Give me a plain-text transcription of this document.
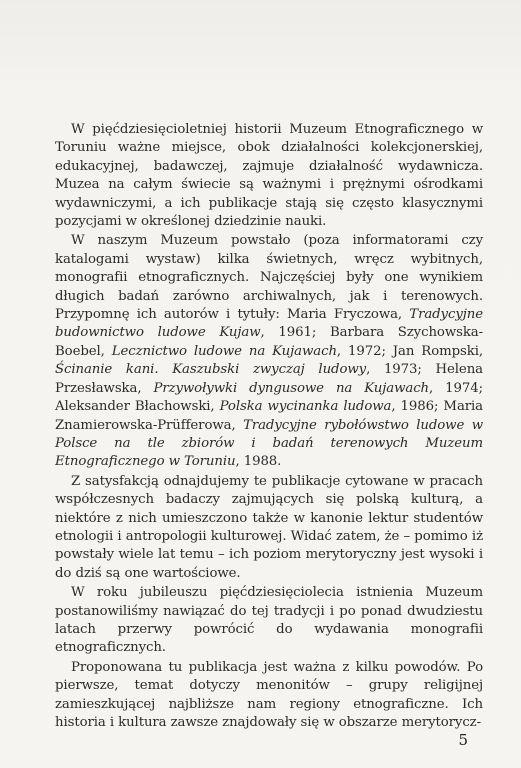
W pięćdziesięcioletniej historii Muzeum Etnograficznego w Toruniu ważne miejsce, obok działalności kolekcjonerskiej, edukacyjnej, badawczej, zajmuje działalność wydawnicza. Muzea na całym świecie są ważnymi i prężnymi ośrodkami wydawniczymi, a ich publikacje stają się często klasycznymi pozycjami w określonej dziedzinie nauki.

W naszym Muzeum powstało (poza informatorami czy katalogami wystaw) kilka świetnych, wręcz wybitnych, monografii etnograficznych. Najczęściej były one wynikiem długich badań zarówno archiwalnych, jak i terenowych. Przypomnę ich autorów i tytuły: Maria Fryczowa, Tradycyjne budownictwo ludowe Kujaw, 1961; Barbara Szychowska-Boebel, Lecznictwo ludowe na Kujawach, 1972; Jan Rompski, Ścinanie kani. Kaszubski zwyczaj ludowy, 1973; Helena Przesławska, Przywoływki dyngusowe na Kujawach, 1974; Aleksander Błachowski, Polska wycinanka ludowa, 1986; Maria Znamierowska-Prüfferowa, Tradycyjne rybołówstwo ludowe w Polsce na tle zbiorów i badań terenowych Muzeum Etnograficznego w Toruniu, 1988.

Z satysfakcją odnajdujemy te publikacje cytowane w pracach współczesnych badaczy zajmujących się polską kulturą, a niektóre z nich umieszczono także w kanonie lektur studentów etnologii i antropologii kulturowej. Widać zatem, że – pomimo iż powstały wiele lat temu – ich poziom merytoryczny jest wysoki i do dziś są one wartościowe.

W roku jubileuszu pięćdziesięciolecia istnienia Muzeum postanowiliśmy nawiązać do tej tradycji i po ponad dwudziestu latach przerwy powrócić do wydawania monografii etnograficznych.

Proponowana tu publikacja jest ważna z kilku powodów. Po pierwsze, temat dotyczy menonitów – grupy religijnej zamieszkującej najbliższe nam regiony etnograficzne. Ich historia i kultura zawsze znajdowały się w obszarze merytorycz-

5
